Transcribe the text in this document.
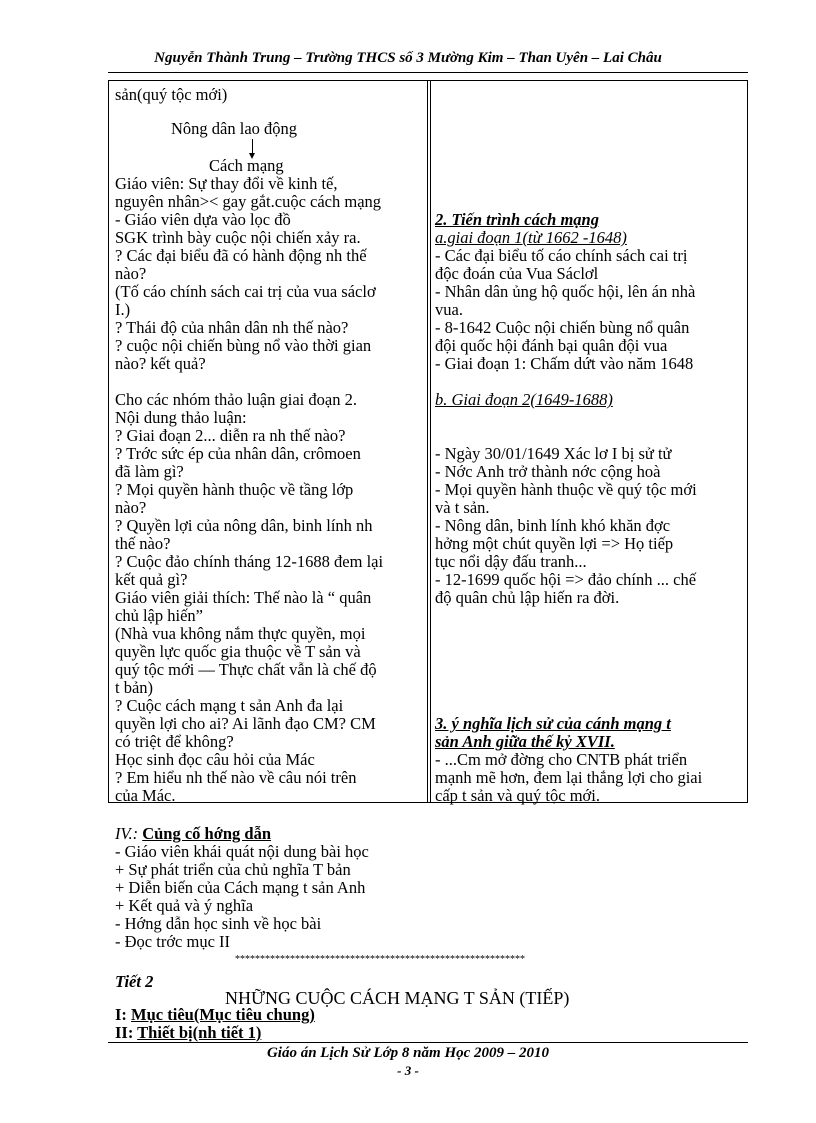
Nguyễn Thành Trung – Trường THCS số 3 Mường Kim – Than Uyên – Lai Châu
sản(quý tộc mới)
Nông dân lao động
Cách mạng
Giáo viên: Sự thay đổi về kinh tế,
nguyên nhân>< gay gắt.cuộc cách mạng
- Giáo viên dựa vào lọc đồ
SGK trình bày cuộc nội chiến xảy ra.
? Các đại biểu đã có hành động nh thế
nào?
(Tố cáo chính sách cai trị của vua sáclơ
I.)
? Thái độ của nhân dân nh thế nào?
? cuộc nội chiến bùng nổ vào thời gian
nào? kết quả?
Cho các nhóm thảo luận giai đoạn 2.
Nội dung thảo luận:
? Giai đoạn 2... diễn ra nh thế nào?
? Trớc sức ép của nhân dân, crômoen
đã làm gì?
? Mọi quyền hành thuộc về tầng lớp
nào?
? Quyền lợi của nông dân, binh lính nh
thế nào?
? Cuộc đảo chính tháng 12-1688 đem lại
kết quả gì?
Giáo viên giải thích: Thế nào là “ quân
chủ lập hiến”
(Nhà vua không nắm thực quyền, mọi
quyền lực quốc gia thuộc về T sản và
quý tộc mới — Thực chất vẫn là chế độ
t bản)
? Cuộc cách mạng t sản Anh đa lại
quyền lợi cho ai? Ai lãnh đạo CM? CM
có triệt để không?
Học sinh đọc câu hỏi của Mác
? Em hiểu nh thế nào về câu nói trên
của Mác.
2. Tiến trình cách mạng
a.giai đoạn 1(từ 1662 -1648)
- Các đại biểu tố cáo chính sách cai trị
độc đoán của Vua Sáclơl
- Nhân dân ủng hộ quốc hội, lên án nhà
vua.
- 8-1642 Cuộc nội chiến bùng nổ quân
đội quốc hội đánh bại quân đội vua
- Giai đoạn 1: Chấm dứt vào năm 1648
b. Giai đoạn 2(1649-1688)
- Ngày 30/01/1649 Xác lơ I bị sử tử
- Nớc Anh trở thành nớc cộng hoà
- Mọi quyền hành thuộc về quý tộc mới
và t sản.
- Nông dân, binh lính khó khăn đợc
hởng một chút quyền lợi => Họ tiếp
tục nổi dậy đấu tranh...
- 12-1699 quốc hội => đảo chính ... chế
độ quân chủ lập hiến ra đời.
3. ý nghĩa lịch sử của cánh mạng t
sản Anh giữa thế kỷ XVII.
- ...Cm mở đờng cho CNTB phát triển
mạnh mẽ hơn, đem lại thắng lợi cho giai
cấp t sản và quý tộc mới.
IV.: Củng cố hớng dẫn
- Giáo viên khái quát nội dung bài học
+ Sự phát triển của chủ nghĩa T bản
+ Diễn biến của Cách mạng t sản Anh
+ Kết quả và ý nghĩa
- Hớng dẫn học sinh về học bài
- Đọc trớc mục II
**********************************************************
Tiết 2
NHỮNG CUỘC CÁCH MẠNG T SẢN (TIẾP)
I: Mục tiêu(Mục tiêu chung)
II: Thiết bị(nh tiết 1)
Giáo án Lịch Sử Lớp 8 năm Học 2009 – 2010
- 3 -
